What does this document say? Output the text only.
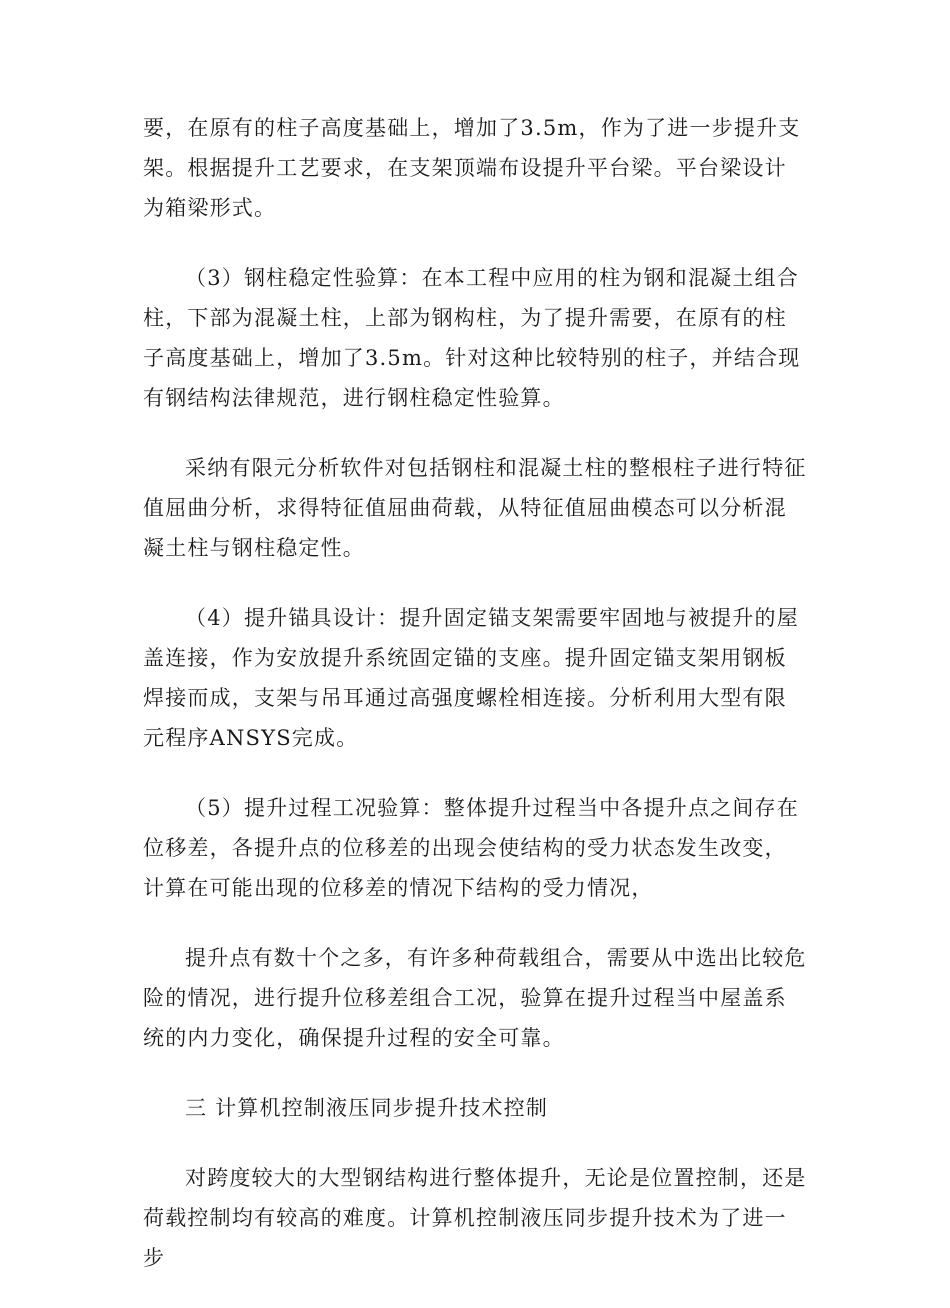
要，在原有的柱子高度基础上，增加了3.5m，作为了进一步提升支架。根据提升工艺要求，在支架顶端布设提升平台梁。平台梁设计为箱梁形式。

（3）钢柱稳定性验算：在本工程中应用的柱为钢和混凝土组合柱，下部为混凝土柱，上部为钢构柱，为了提升需要，在原有的柱子高度基础上，增加了3.5m。针对这种比较特别的柱子，并结合现有钢结构法律规范，进行钢柱稳定性验算。

采纳有限元分析软件对包括钢柱和混凝土柱的整根柱子进行特征值屈曲分析，求得特征值屈曲荷载，从特征值屈曲模态可以分析混凝土柱与钢柱稳定性。

（4）提升锚具设计：提升固定锚支架需要牢固地与被提升的屋盖连接，作为安放提升系统固定锚的支座。提升固定锚支架用钢板焊接而成，支架与吊耳通过高强度螺栓相连接。分析利用大型有限元程序ANSYS完成。

（5）提升过程工况验算：整体提升过程当中各提升点之间存在位移差，各提升点的位移差的出现会使结构的受力状态发生改变，计算在可能出现的位移差的情况下结构的受力情况，

提升点有数十个之多，有许多种荷载组合，需要从中选出比较危险的情况，进行提升位移差组合工况，验算在提升过程当中屋盖系统的内力变化，确保提升过程的安全可靠。

三 计算机控制液压同步提升技术控制

对跨度较大的大型钢结构进行整体提升，无论是位置控制，还是荷载控制均有较高的难度。计算机控制液压同步提升技术为了进一步
